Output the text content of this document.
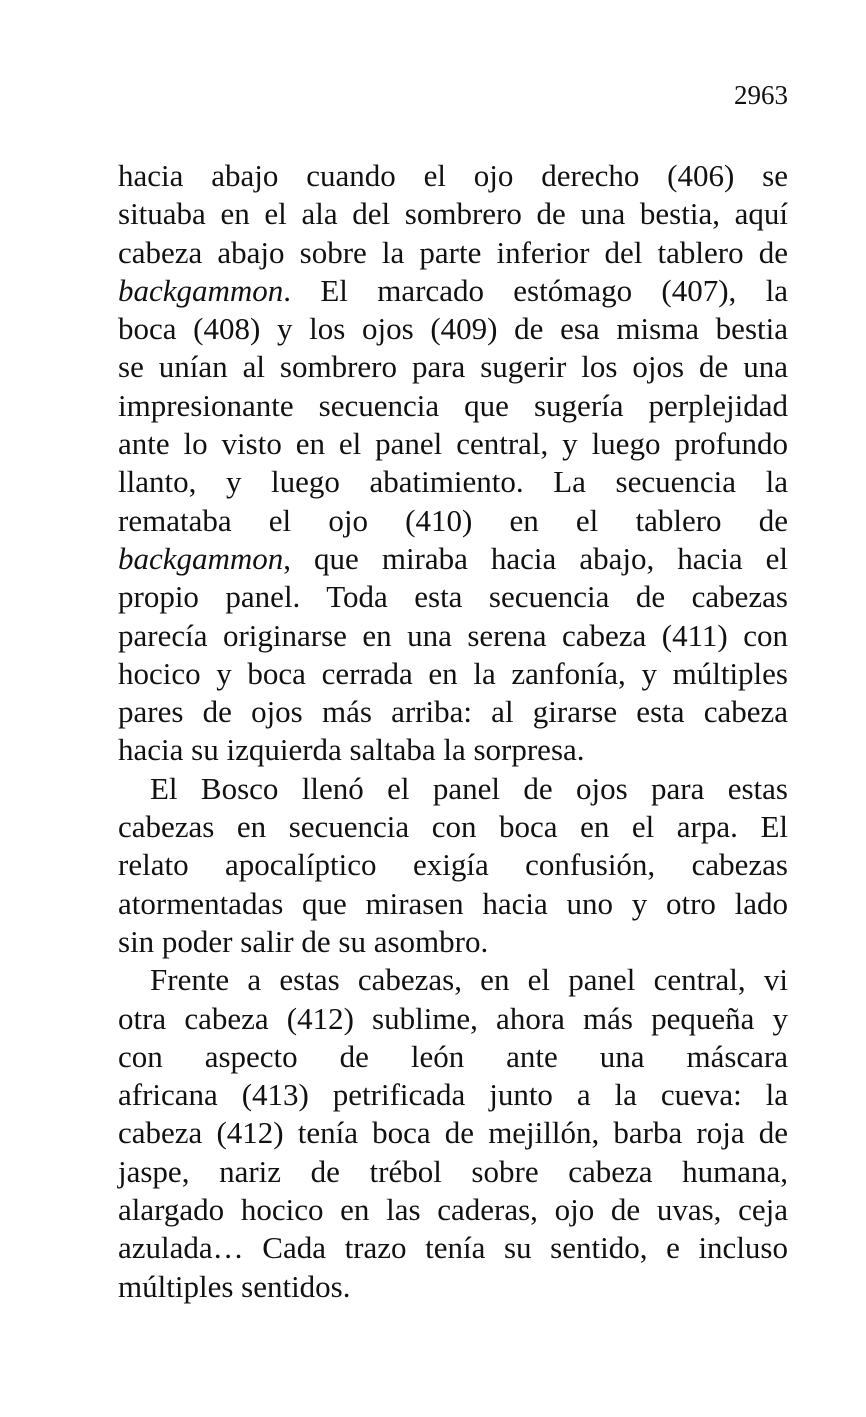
2963
hacia abajo cuando el ojo derecho (406) se
situaba en el ala del sombrero de una bestia, aquí
cabeza abajo sobre la parte inferior del tablero de
backgammon. El marcado estómago (407), la
boca (408) y los ojos (409) de esa misma bestia
se unían al sombrero para sugerir los ojos de una
impresionante secuencia que sugería perplejidad
ante lo visto en el panel central, y luego profundo
llanto, y luego abatimiento. La secuencia la
remataba el ojo (410) en el tablero de
backgammon, que miraba hacia abajo, hacia el
propio panel. Toda esta secuencia de cabezas
parecía originarse en una serena cabeza (411) con
hocico y boca cerrada en la zanfonía, y múltiples
pares de ojos más arriba: al girarse esta cabeza
hacia su izquierda saltaba la sorpresa.
El Bosco llenó el panel de ojos para estas
cabezas en secuencia con boca en el arpa. El
relato apocalíptico exigía confusión, cabezas
atormentadas que mirasen hacia uno y otro lado
sin poder salir de su asombro.
Frente a estas cabezas, en el panel central, vi
otra cabeza (412) sublime, ahora más pequeña y
con aspecto de león ante una máscara
africana (413) petrificada junto a la cueva: la
cabeza (412) tenía boca de mejillón, barba roja de
jaspe, nariz de trébol sobre cabeza humana,
alargado hocico en las caderas, ojo de uvas, ceja
azulada… Cada trazo tenía su sentido, e incluso
múltiples sentidos.
